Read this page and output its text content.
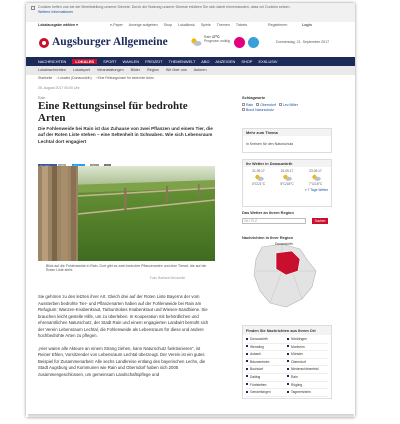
Cookies helfen uns bei der Bereitstellung unserer Dienste. Durch die Nutzung unserer Dienste erklären Sie sich damit einverstanden, dass wir Cookies setzen.
Weitere Informationen
Lokalausgabe wählen ▾	e-Paper Anzeige aufgeben Shop Lokalkiosk Spiele Themen Tickets	Registrieren	Login
Augsburger Allgemeine	Rain 17°C
Prognose: wolkig	Donnerstag, 21. September 2017
NACHRICHTEN LOKALES SPORT WAHLEN FREIZEIT THEMENWELT ABO ANZEIGEN SHOP EXKLUSIV
Lokalnachrichten Lokalsport Veranstaltungen Bilder Region Wir über uns Autoren
Startseite › Lokales (Donauwörth) › Eine Rettungsinsel für bedrohte Arten
25. August 2017 00:00 Uhr
Rain
Eine Rettungsinsel für bedrohte Arten
Die Fohlenweide bei Rain ist das Zuhause von zwei Pflanzen und einem Tier, die auf der Roten Liste stehen – eine Seltenheit in Schwaben. Wie sich Lebensraum Lechtal dort engagiert

Blick auf die Fohlenweide in Rain. Dort gibt es zwei bedrohte Pflanzenarten und eine Tierart, die auf der Roten Liste steht.
Foto: Barbara Wunschke

Sie gehören zu den letzten ihrer Art. Gleich drei auf der Roten Liste Bayerns der vom Aussterben bedrohte Tier- und Pflanzenarten haben auf der Fohlenweide bei Rain am Refugium: Wanzen-Knabenkraut, Tarbuntrobes Knabenkraut und Wiesen-Sandbiene. Sie brauchen leicht gestelle Hilfe, um zu überleben. In Kooperation mit behördlichen und ehrenamtlichen Naturschutz, der Stadt Rain und einem engagierten Landwirt bemüht sich der Verein Lebensraum Lechtal, die Fohlenweide als Lebensraum für diese und andere hochbedrohte Arten zu pflegen.

„Hier waren alle Akteure an einem Strang ziehen, kann Naturschutz funktionieren“, ist Reiner Ehlen, Vorsitzender von Lebensraum Lechtal überzeugt. Der Verein ist ein gutes Beispiel für Zusammenarbeit: Alle sechs Landkreise entlang des bayerischen Lechs, die Stadt Augsburg und Kommunen wie Rain und Oberndorf haben sich 2005 zusammengeschlossen, um gemeinsam Landschaftspflege und

Schlagworte
Rain Oberndorf Lev Miller
Bund Naturschutz
Mehr zum Thema
In Kreisen für den Naturschutz
Ihr Wetter in Donauwörth
21.09.17
4°C/21°C
22.09.17
5°C/18°C
23.09.17
7°C/16°C
» 7 Tage Wetter
Das Wetter an Ihrem Region
Ort / PLZ	Suchen
Nachrichten in Ihrer Region
Donauwörth
Finden Sie Nachrichten aus Ihrem Ort
Donauwörth	Nördlingen
Wemding	Monheim
Asbach	Münster
Bäumenheim	Oberndorf
Buchdorf	Niederschönenfeld
Daiting	Rain
Fünfstetten	Rögling
Genderkingen	Tagmersheim
